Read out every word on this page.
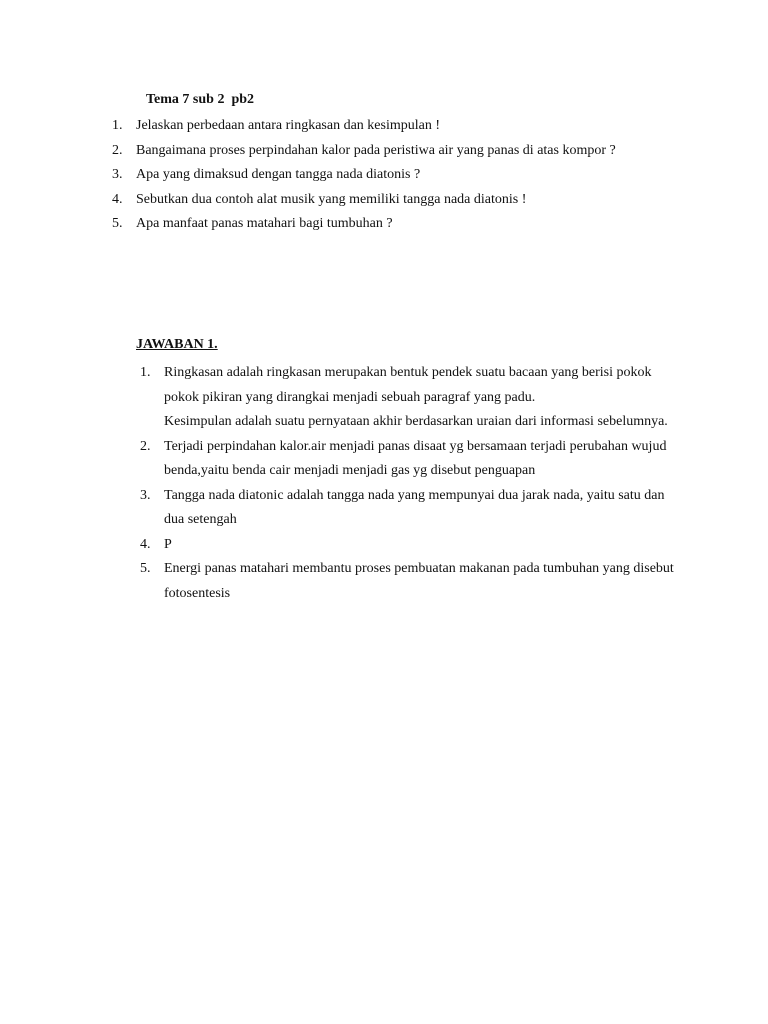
Tema 7 sub 2  pb2
1. Jelaskan perbedaan antara ringkasan dan kesimpulan !
2. Bangaimana proses perpindahan kalor pada peristiwa air yang panas di atas kompor ?
3. Apa yang dimaksud dengan tangga nada diatonis ?
4. Sebutkan dua contoh alat musik yang memiliki tangga nada diatonis !
5. Apa manfaat panas matahari bagi tumbuhan ?
JAWABAN 1.
1. Ringkasan adalah ringkasan merupakan bentuk pendek suatu bacaan yang berisi pokok
pokok pikiran yang dirangkai menjadi sebuah paragraf yang padu.
Kesimpulan adalah suatu pernyataan akhir berdasarkan uraian dari informasi sebelumnya.
2. Terjadi perpindahan kalor.air menjadi panas disaat yg bersamaan terjadi perubahan wujud
benda,yaitu benda cair menjadi menjadi gas yg disebut penguapan
3. Tangga nada diatonic adalah tangga nada yang mempunyai dua jarak nada, yaitu satu dan
dua setengah
4. P
5. Energi panas matahari membantu proses pembuatan makanan pada tumbuhan yang disebut
fotosentesis
